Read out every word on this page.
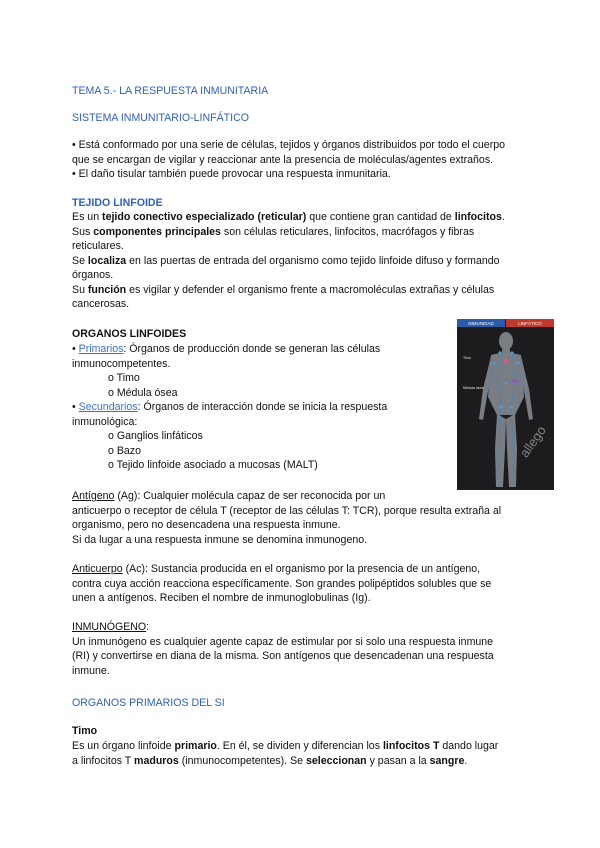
TEMA 5.- LA RESPUESTA INMUNITARIA

SISTEMA INMUNITARIO-LINFÁTICO

• Está conformado por una serie de células, tejidos y órganos distribuidos por todo el cuerpo
que se encargan de vigilar y reaccionar ante la presencia de moléculas/agentes extraños.
• El daño tisular también puede provocar una respuesta inmunitaria.

TEJIDO LINFOIDE

Es un tejido conectivo especializado (reticular) que contiene gran cantidad de linfocitos.
Sus componentes principales son células reticulares, linfocitos, macrófagos y fibras
reticulares.
Se localiza en las puertas de entrada del organismo como tejido linfoide difuso y formando
órganos.
Su función es vigilar y defender el organismo frente a macromoléculas extrañas y células
cancerosas.

ORGANOS LINFOIDES

• Primarios: Órganos de producción donde se generan las células
inmunocompetentes.
o Timo
o Médula ósea
• Secundarios: Órganos de interacción donde se inicia la respuesta
inmunológica:
o Ganglios linfáticos
o Bazo
o Tejido linfoide asociado a mucosas (MALT)
INMUNIDAD	LINFÁTICO
Timo
Médula ósea
allego
Antígeno (Ag): Cualquier molécula capaz de ser reconocida por un
anticuerpo o receptor de célula T (receptor de las células T: TCR), porque resulta extraña al
organismo, pero no desencadena una respuesta inmune.
Si da lugar a una respuesta inmune se denomina inmunogeno.
Anticuerpo (Ac): Sustancia producida en el organismo por la presencia de un antígeno,
contra cuya acción reacciona específicamente. Son grandes polipéptidos solubles que se
unen a antígenos. Reciben el nombre de inmunoglobulinas (Ig).
INMUNÓGENO:
Un inmunógeno es cualquier agente capaz de estimular por si solo una respuesta inmune
(RI) y convertirse en diana de la misma. Son antígenos que desencadenan una respuesta
inmune.

ORGANOS PRIMARIOS DEL SI

Timo

Es un órgano linfoide primario. En él, se dividen y diferencian los linfocitos T dando lugar
a linfocitos T maduros (inmunocompetentes). Se seleccionan y pasan a la sangre.
